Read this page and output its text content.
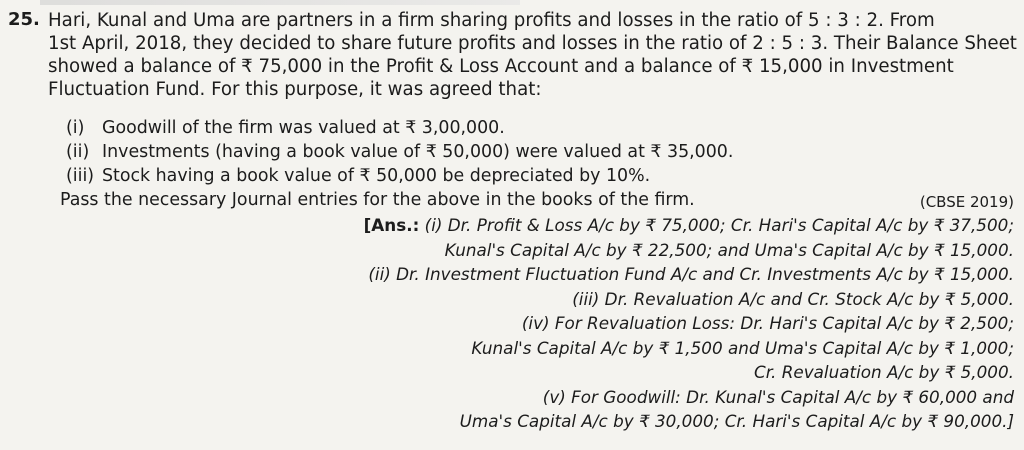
25. Hari, Kunal and Uma are partners in a firm sharing profits and losses in the ratio of 5 : 3 : 2. From
1st April, 2018, they decided to share future profits and losses in the ratio of 2 : 5 : 3. Their Balance Sheet
showed a balance of ₹ 75,000 in the Profit & Loss Account and a balance of ₹ 15,000 in Investment
Fluctuation Fund. For this purpose, it was agreed that:
(i) Goodwill of the firm was valued at ₹ 3,00,000.
(ii) Investments (having a book value of ₹ 50,000) were valued at ₹ 35,000.
(iii) Stock having a book value of ₹ 50,000 be depreciated by 10%.
Pass the necessary Journal entries for the above in the books of the firm.	(CBSE 2019)
[Ans.: (i) Dr. Profit & Loss A/c by ₹ 75,000; Cr. Hari's Capital A/c by ₹ 37,500;
Kunal's Capital A/c by ₹ 22,500; and Uma's Capital A/c by ₹ 15,000.
(ii) Dr. Investment Fluctuation Fund A/c and Cr. Investments A/c by ₹ 15,000.
(iii) Dr. Revaluation A/c and Cr. Stock A/c by ₹ 5,000.
(iv) For Revaluation Loss: Dr. Hari's Capital A/c by ₹ 2,500;
Kunal's Capital A/c by ₹ 1,500 and Uma's Capital A/c by ₹ 1,000;
Cr. Revaluation A/c by ₹ 5,000.
(v) For Goodwill: Dr. Kunal's Capital A/c by ₹ 60,000 and
Uma's Capital A/c by ₹ 30,000; Cr. Hari's Capital A/c by ₹ 90,000.]
